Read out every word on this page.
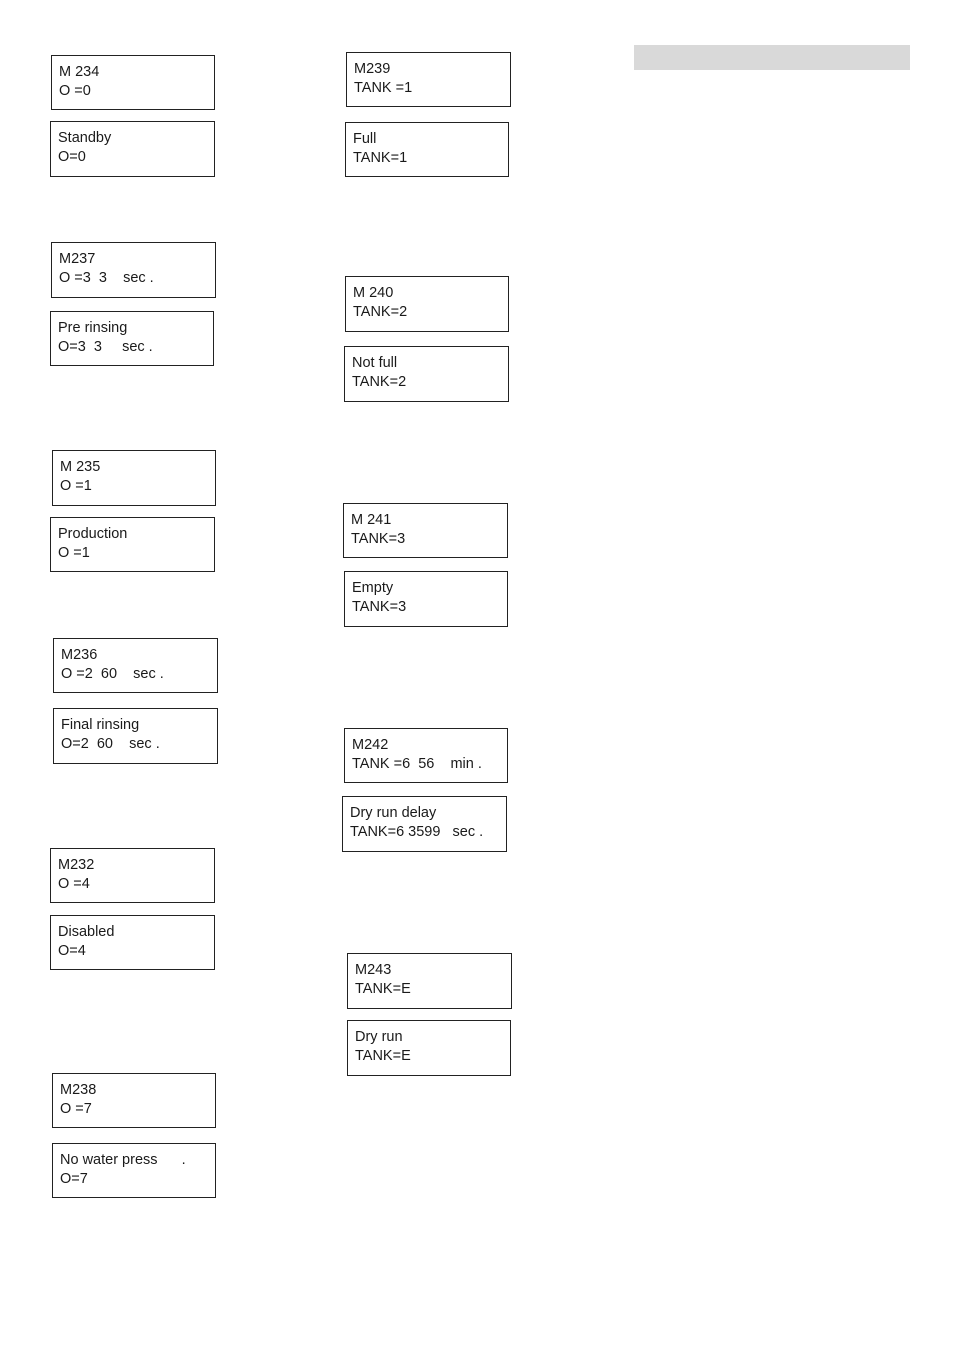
M 234
O =0
Standby
O=0
M237
O =3  3    sec .
Pre rinsing
O=3  3     sec .
M 235
O =1
Production
O =1
M236
O =2  60    sec .
Final rinsing
O=2  60    sec .
M232
O =4
Disabled
O=4
M238
O =7
No water press      .
O=7
M239
TANK =1
Full
TANK=1
M 240
TANK=2
Not full
TANK=2
M 241
TANK=3
Empty
TANK=3
M242
TANK =6  56    min .
Dry run delay
TANK=6 3599   sec .
M243
TANK=E
Dry run
TANK=E
